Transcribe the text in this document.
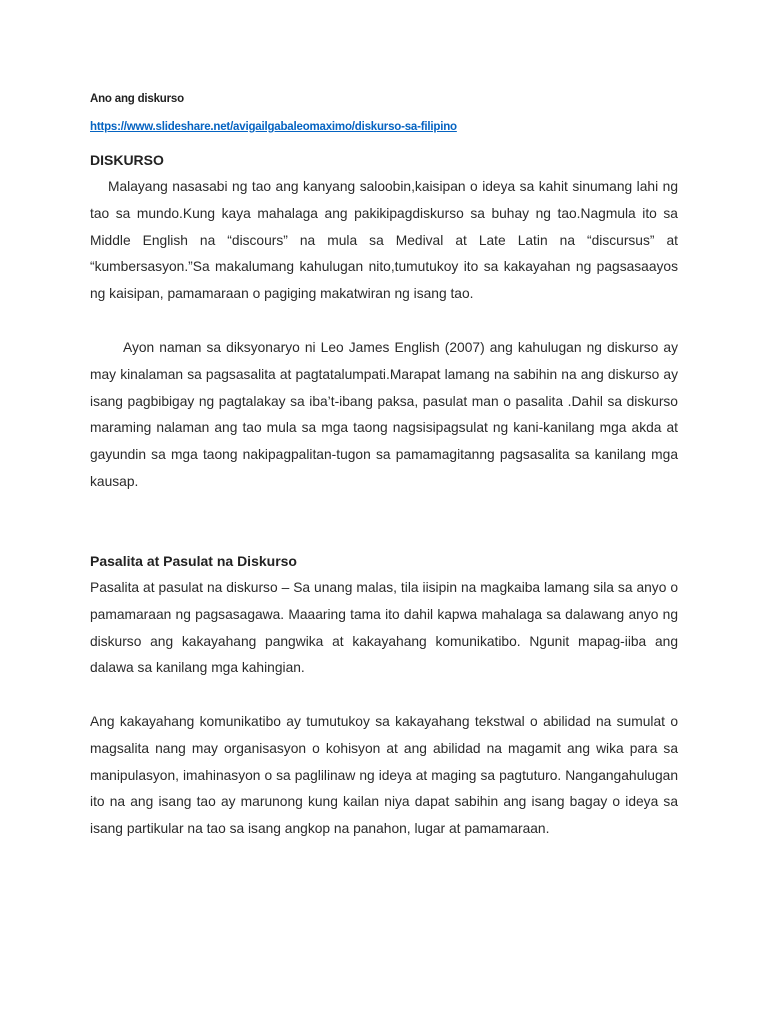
Ano ang diskurso
https://www.slideshare.net/avigailgabaleomaximo/diskurso-sa-filipino
DISKURSO

Malayang nasasabi ng tao ang kanyang saloobin,kaisipan o ideya sa kahit sinumang lahi ng tao sa mundo.Kung kaya mahalaga ang pakikipagdiskurso sa buhay ng tao.Nagmula ito sa Middle English na “discours” na mula sa Medival at Late Latin na “discursus” at “kumbersasyon.”Sa makalumang kahulugan nito,tumutukoy ito sa kakayahan ng pagsasaayos ng kaisipan, pamamaraan o pagiging makatwiran ng isang tao.

Ayon naman sa diksyonaryo ni Leo James English (2007) ang kahulugan ng diskurso ay may kinalaman sa pagsasalita at pagtatalumpati.Marapat lamang na sabihin na ang diskurso ay isang pagbibigay ng pagtalakay sa iba’t-ibang paksa, pasulat man o pasalita .Dahil sa diskurso maraming nalaman ang tao mula sa mga taong nagsisipagsulat ng kani-kanilang mga akda at gayundin sa mga taong nakipagpalitan-tugon sa pamamagitanng pagsasalita sa kanilang mga kausap.

Pasalita at Pasulat na Diskurso

Pasalita at pasulat na diskurso – Sa unang malas, tila iisipin na magkaiba lamang sila sa anyo o pamamaraan ng pagsasagawa. Maaaring tama ito dahil kapwa mahalaga sa dalawang anyo ng diskurso ang kakayahang pangwika at kakayahang komunikatibo. Ngunit mapag-iiba ang dalawa sa kanilang mga kahingian.

Ang kakayahang komunikatibo ay tumutukoy sa kakayahang tekstwal o abilidad na sumulat o magsalita nang may organisasyon o kohisyon at ang abilidad na magamit ang wika para sa manipulasyon, imahinasyon o sa paglilinaw ng ideya at maging sa pagtuturo. Nangangahulugan ito na ang isang tao ay marunong kung kailan niya dapat sabihin ang isang bagay o ideya sa isang partikular na tao sa isang angkop na panahon, lugar at pamamaraan.
